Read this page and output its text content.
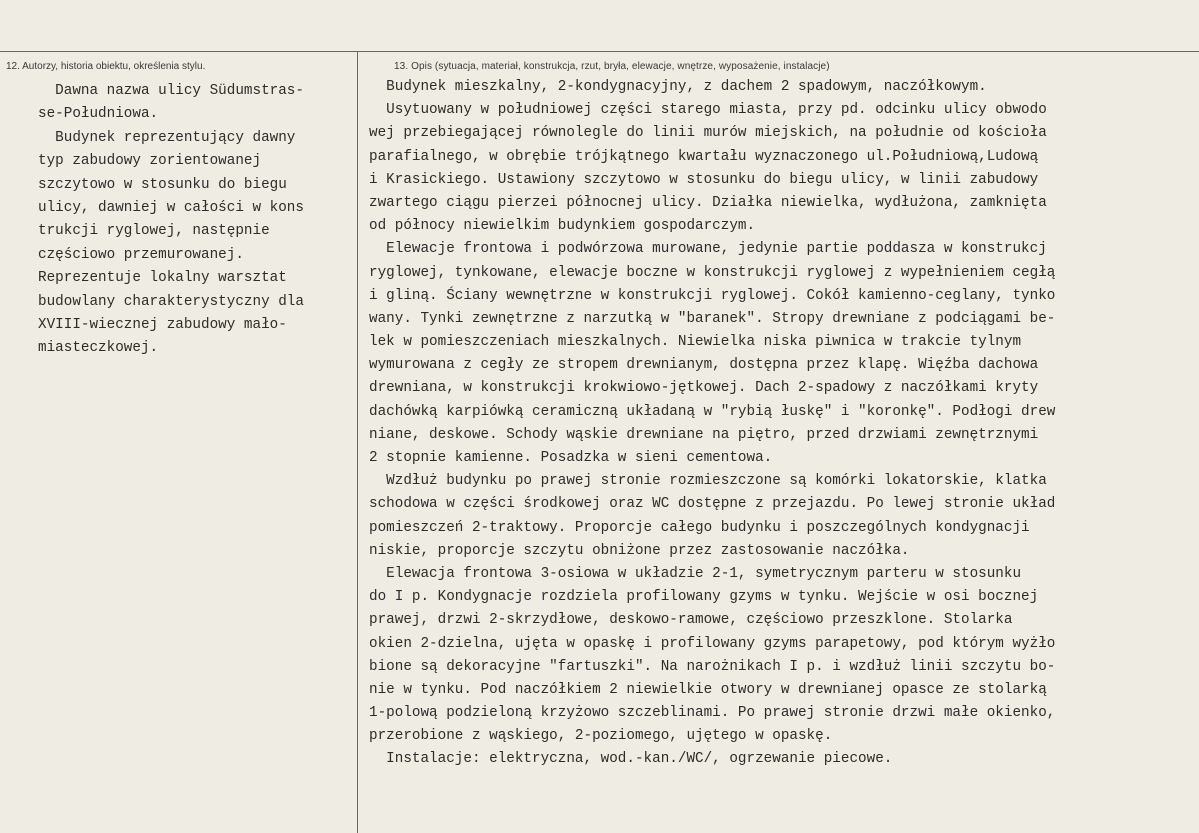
12. Autorzy, historia obiektu, określenia stylu.	13. Opis (sytuacja, materiał, konstrukcja, rzut, bryła, elewacje, wnętrze, wyposażenie, instalacje)
Dawna nazwa ulicy Südumstras-
se-Południowa.
Budynek reprezentujący dawny
typ zabudowy zorientowanej
szczytowo w stosunku do biegu
ulicy, dawniej w całości w kons
trukcji ryglowej, następnie
częściowo przemurowanej.
Reprezentuje lokalny warsztat
budowlany charakterystyczny dla
XVIII-wiecznej zabudowy mało-
miasteczkowej.
Budynek mieszkalny, 2-kondygnacyjny, z dachem 2 spadowym, naczółkowym.
Usytuowany w południowej części starego miasta, przy pd. odcinku ulicy obwodo
wej przebiegającej równolegle do linii murów miejskich, na południe od kościoła
parafialnego, w obrębie trójkątnego kwartału wyznaczonego ul.Południową,Ludową
i Krasickiego. Ustawiony szczytowo w stosunku do biegu ulicy, w linii zabudowy
zwartego ciągu pierzei północnej ulicy. Działka niewielka, wydłużona, zamknięta
od północy niewielkim budynkiem gospodarczym.
Elewacje frontowa i podwórzowa murowane, jedynie partie poddasza w konstrukcj
ryglowej, tynkowane, elewacje boczne w konstrukcji ryglowej z wypełnieniem cegłą
i gliną. Ściany wewnętrzne w konstrukcji ryglowej. Cokół kamienno-ceglany, tynko
wany. Tynki zewnętrzne z narzutką w "baranek". Stropy drewniane z podciągami be-
lek w pomieszczeniach mieszkalnych. Niewielka niska piwnica w trakcie tylnym
wymurowana z cegły ze stropem drewnianym, dostępna przez klapę. Więźba dachowa
drewniana, w konstrukcji krokwiowo-jętkowej. Dach 2-spadowy z naczółkami kryty
dachówką karpiówką ceramiczną układaną w "rybią łuskę" i "koronkę". Podłogi drew
niane, deskowe. Schody wąskie drewniane na piętro, przed drzwiami zewnętrznymi
2 stopnie kamienne. Posadzka w sieni cementowa.
Wzdłuż budynku po prawej stronie rozmieszczone są komórki lokatorskie, klatka
schodowa w części środkowej oraz WC dostępne z przejazdu. Po lewej stronie układ
pomieszczeń 2-traktowy. Proporcje całego budynku i poszczególnych kondygnacji
niskie, proporcje szczytu obniżone przez zastosowanie naczółka.
Elewacja frontowa 3-osiowa w układzie 2-1, symetrycznym parteru w stosunku
do I p. Kondygnacje rozdziela profilowany gzyms w tynku. Wejście w osi bocznej
prawej, drzwi 2-skrzydłowe, deskowo-ramowe, częściowo przeszklone. Stolarka
okien 2-dzielna, ujęta w opaskę i profilowany gzyms parapetowy, pod którym wyżło
bione są dekoracyjne "fartuszki". Na narożnikach I p. i wzdłuż linii szczytu bo-
nie w tynku. Pod naczółkiem 2 niewielkie otwory w drewnianej opasce ze stolarką
1-polową podzieloną krzyżowo szczeblinami. Po prawej stronie drzwi małe okienko,
przerobione z wąskiego, 2-poziomego, ujętego w opaskę.
Instalacje: elektryczna, wod.-kan./WC/, ogrzewanie piecowe.
